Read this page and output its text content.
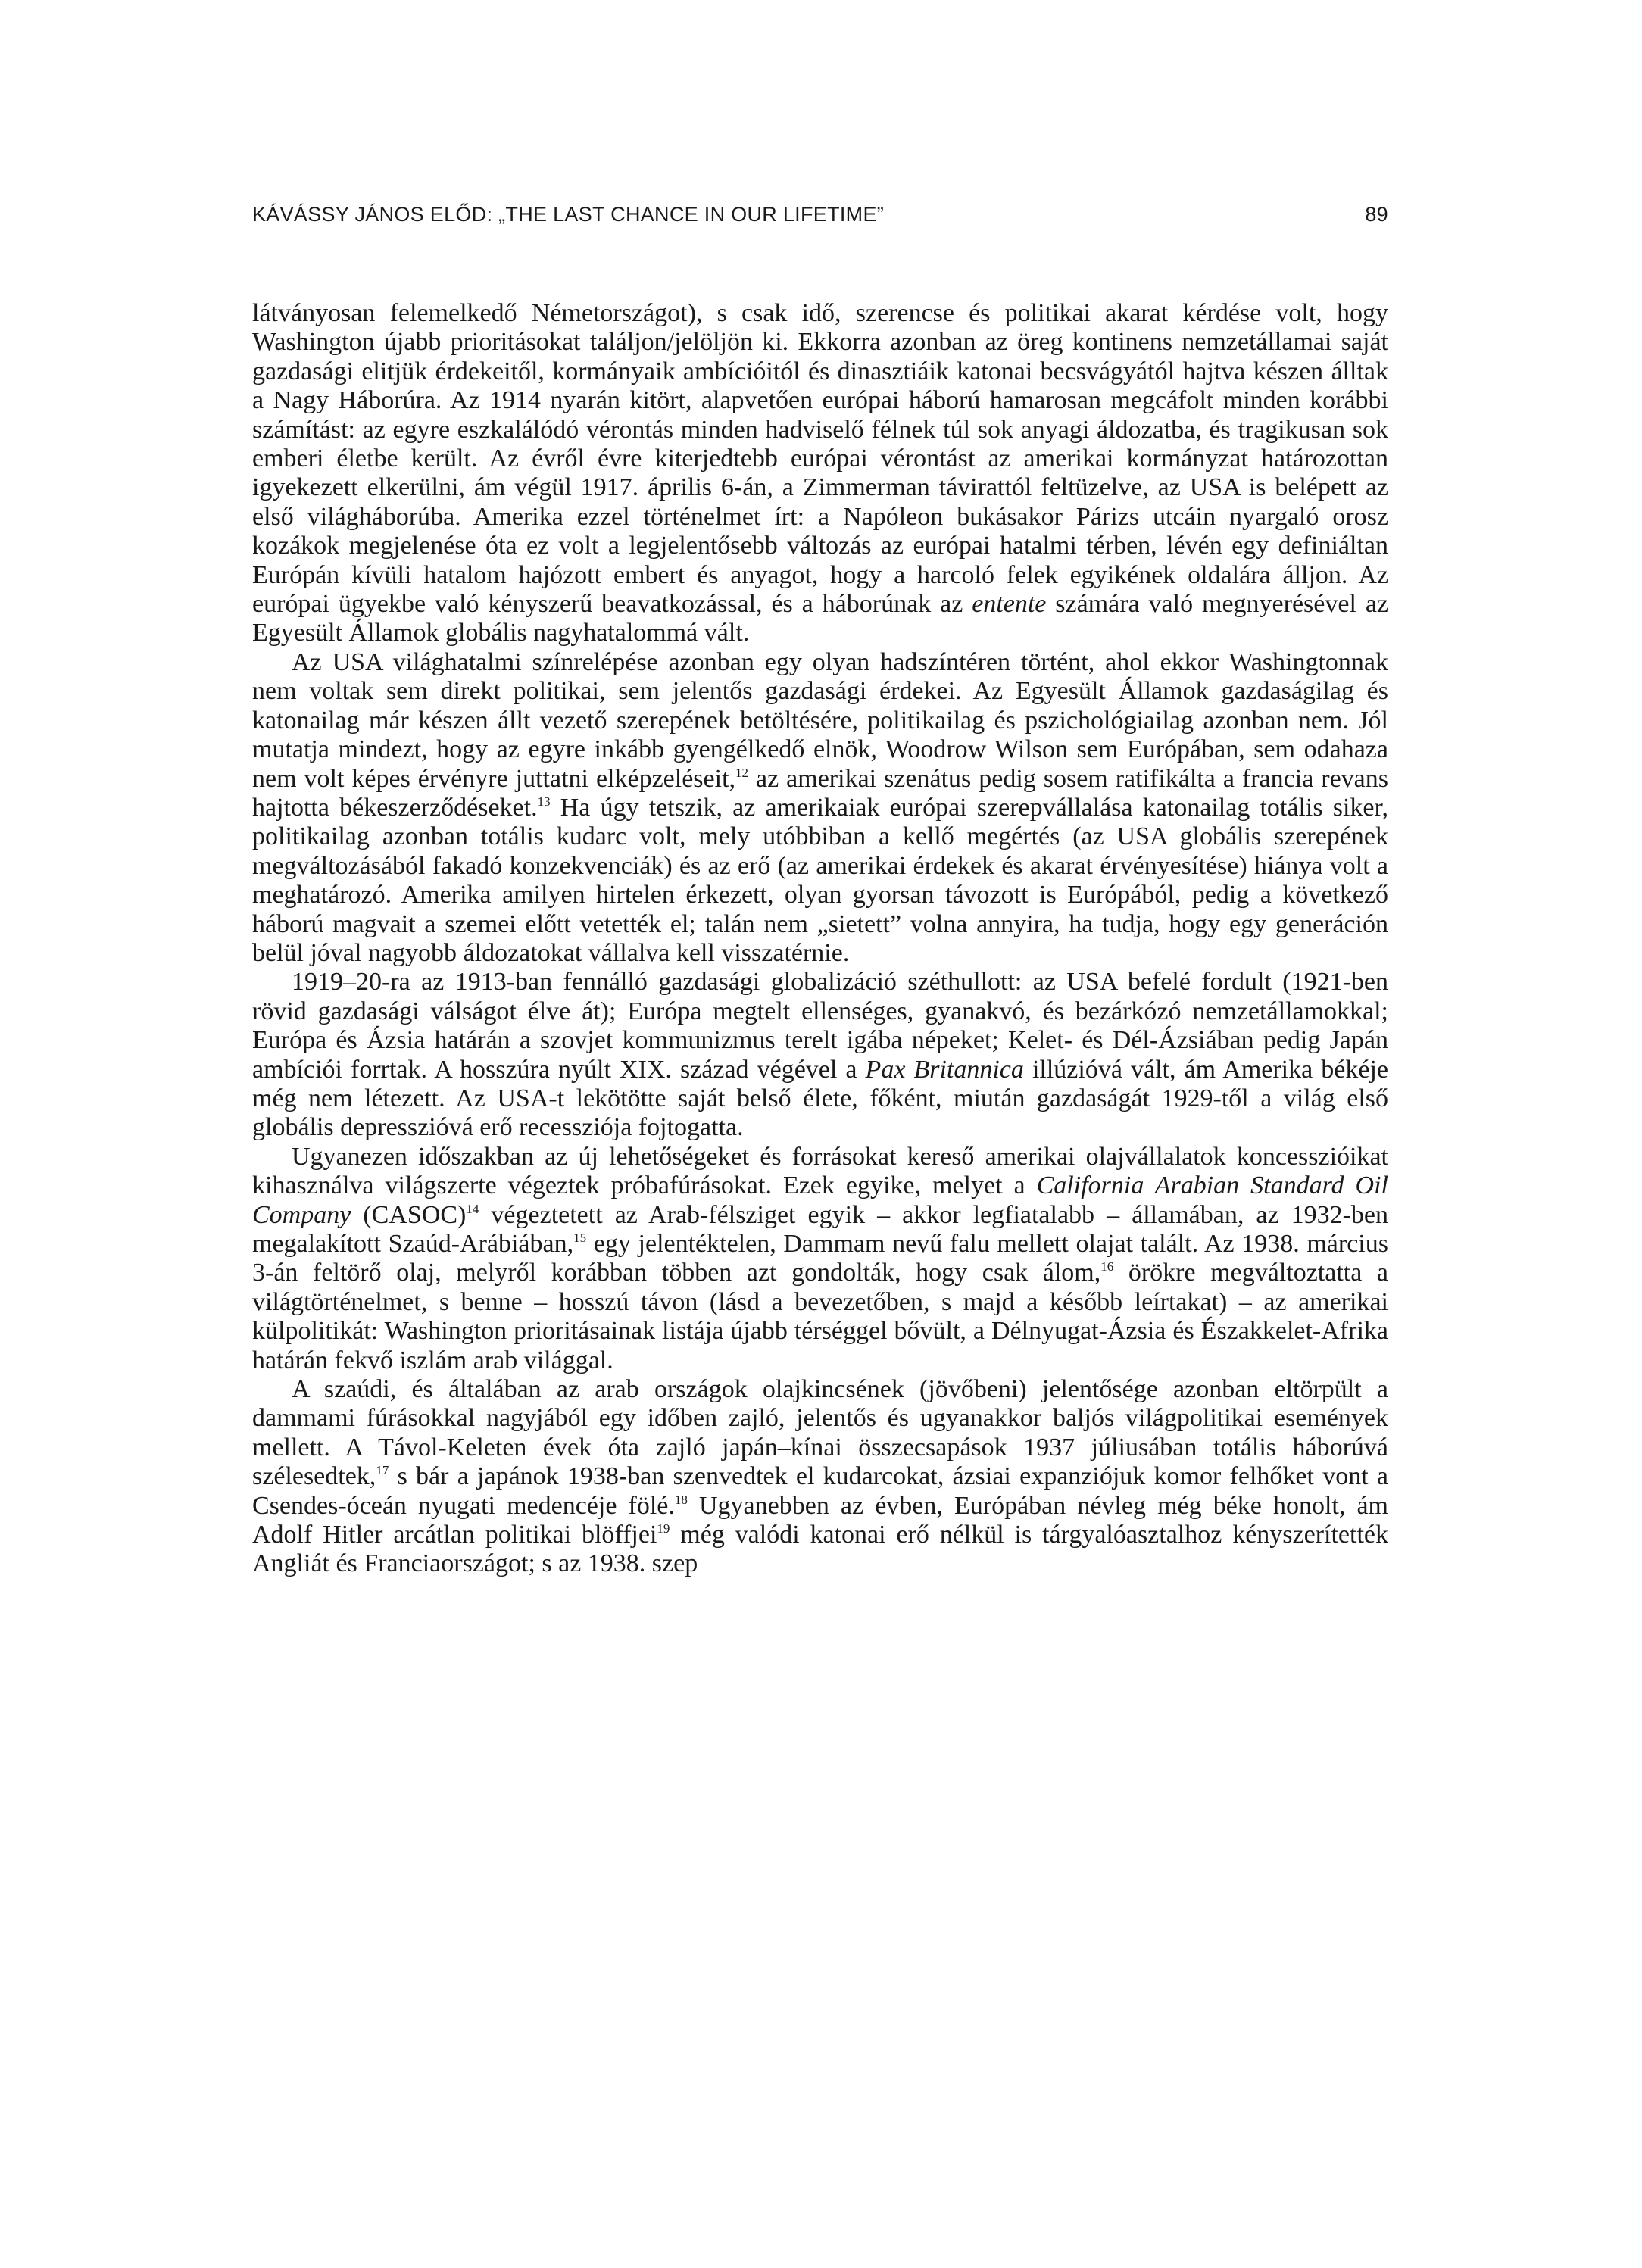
KÁVÁSSY JÁNOS ELŐD: „THE LAST CHANCE IN OUR LIFETIME”	89

látványosan felemelkedő Németországot), s csak idő, szerencse és politikai akarat kérdése volt, hogy Washington újabb prioritásokat találjon/jelöljön ki. Ekkorra azonban az öreg kontinens nemzetállamai saját gazdasági elitjük érdekeitől, kormányaik ambícióitól és dinasztiáik katonai becsvágyától hajtva készen álltak a Nagy Háborúra. Az 1914 nyarán kitört, alapvetően európai háború hamarosan megcáfolt minden korábbi számítást: az egyre eszkalálódó vérontás minden hadviselő félnek túl sok anyagi áldozatba, és tragikusan sok emberi életbe került. Az évről évre kiterjedtebb európai vérontást az amerikai kormányzat határozottan igyekezett elkerülni, ám végül 1917. április 6-án, a Zimmerman távirattól feltüzelve, az USA is belépett az első világháborúba. Amerika ezzel történelmet írt: a Napóleon bukásakor Párizs utcáin nyargaló orosz kozákok megjelenése óta ez volt a legjelentősebb változás az európai hatalmi térben, lévén egy definiáltan Európán kívüli hatalom hajózott embert és anyagot, hogy a harcoló felek egyikének oldalára álljon. Az európai ügyekbe való kényszerű beavatkozással, és a háborúnak az entente számára való megnyerésével az Egyesült Államok globális nagyhatalommá vált.

Az USA világhatalmi színrelépése azonban egy olyan hadszíntéren történt, ahol ekkor Washingtonnak nem voltak sem direkt politikai, sem jelentős gazdasági érdekei. Az Egyesült Államok gazdaságilag és katonailag már készen állt vezető szerepének betöltésére, politikailag és pszichológiailag azonban nem. Jól mutatja mindezt, hogy az egyre inkább gyengélkedő elnök, Woodrow Wilson sem Európában, sem odahaza nem volt képes érvényre juttatni elképzeléseit,$^{12}$ az amerikai szenátus pedig sosem ratifikálta a francia revans hajtotta békeszerződéseket.$^{13}$ Ha úgy tetszik, az amerikaiak európai szerepvállalása katonailag totális siker, politikailag azonban totális kudarc volt, mely utóbbiban a kellő megértés (az USA globális szerepének megváltozásából fakadó konzekvenciák) és az erő (az amerikai érdekek és akarat érvényesítése) hiánya volt a meghatározó. Amerika amilyen hirtelen érkezett, olyan gyorsan távozott is Európából, pedig a következő háború magvait a szemei előtt vetették el; talán nem „sietett” volna annyira, ha tudja, hogy egy generáción belül jóval nagyobb áldozatokat vállalva kell visszatérnie.

1919–20-ra az 1913-ban fennálló gazdasági globalizáció széthullott: az USA befelé fordult (1921-ben rövid gazdasági válságot élve át); Európa megtelt ellenséges, gyanakvó, és bezárkózó nemzetállamokkal; Európa és Ázsia határán a szovjet kommunizmus terelt igába népeket; Kelet- és Dél-Ázsiában pedig Japán ambíciói forrtak. A hosszúra nyúlt XIX. század végével a Pax Britannica illúzióvá vált, ám Amerika békéje még nem létezett. Az USA-t lekötötte saját belső élete, főként, miután gazdaságát 1929-től a világ első globális depresszióvá erő recessziója fojtogatta.

Ugyanezen időszakban az új lehetőségeket és forrásokat kereső amerikai olajvállalatok koncesszióikat kihasználva világszerte végeztek próbafúrásokat. Ezek egyike, melyet a California Arabian Standard Oil Company (CASOC)$^{14}$ végeztetett az Arab-félsziget egyik – akkor legfiatalabb – államában, az 1932-ben megalakított Szaúd-Arábiában,$^{15}$ egy jelentéktelen, Dammam nevű falu mellett olajat talált. Az 1938. március 3-án feltörő olaj, melyről korábban többen azt gondolták, hogy csak álom,$^{16}$ örökre megváltoztatta a világtörténelmet, s benne – hosszú távon (lásd a bevezetőben, s majd a később leírtakat) – az amerikai külpolitikát: Washington prioritásainak listája újabb térséggel bővült, a Délnyugat-Ázsia és Északkelet-Afrika határán fekvő iszlám arab világgal.

A szaúdi, és általában az arab országok olajkincsének (jövőbeni) jelentősége azonban eltörpült a dammami fúrásokkal nagyjából egy időben zajló, jelentős és ugyanakkor baljós világpolitikai események mellett. A Távol-Keleten évek óta zajló japán–kínai összecsapások 1937 júliusában totális háborúvá szélesedtek,$^{17}$ s bár a japánok 1938-ban szenvedtek el kudarcokat, ázsiai expanziójuk komor felhőket vont a Csendes-óceán nyugati medencéje fölé.$^{18}$ Ugyanebben az évben, Európában névleg még béke honolt, ám Adolf Hitler arcátlan politikai blöffjei$^{19}$ még valódi katonai erő nélkül is tárgyalóasztalhoz kényszerítették Angliát és Franciaországot; s az 1938. szep
